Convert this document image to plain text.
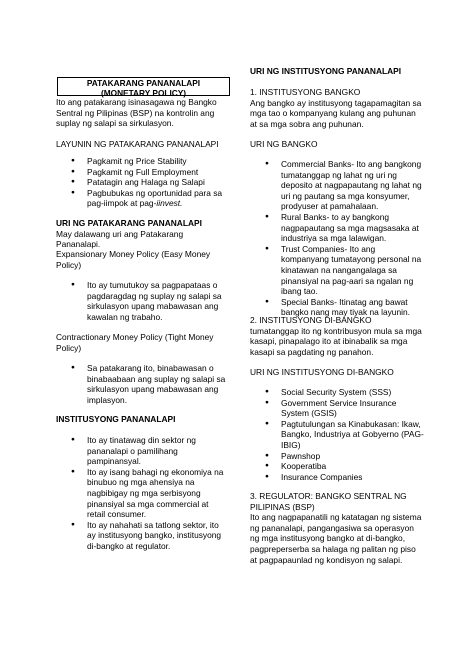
PATAKARANG PANANALAPI
(MONETARY POLICY)

Ito ang patakarang isinasagawa ng Bangko Sentral ng Pilipinas (BSP) na kontrolin ang suplay ng salapi sa sirkulasyon.

LAYUNIN NG PATAKARANG PANANALAPI

● Pagkamit ng Price Stability
● Pagkamit ng Full Employment
● Patatagin ang Halaga ng Salapi
● Pagbubukas ng oportunidad para sa pag-iimpok at pag-iinvest.

URI NG PATAKARANG PANANALAPI

May dalawang uri ang Patakarang Pananalapi.

Expansionary Money Policy (Easy Money Policy)

● Ito ay tumutukoy sa pagpapataas o pagdaragdag ng suplay ng salapi sa sirkulasyon upang mabawasan ang kawalan ng trabaho.

Contractionary Money Policy (Tight Money Policy)

● Sa patakarang ito, binabawasan o binabaabaan ang suplay ng salapi sa sirkulasyon upang mabawasan ang implasyon.

INSTITUSYONG PANANALAPI

● Ito ay tinatawag din sektor ng pananalapi o pamilihang pampinansyal.
● Ito ay isang bahagi ng ekonomiya na binubuo ng mga ahensiya na nagbibigay ng mga serbisyong pinansiyal sa mga commercial at retail consumer.
● Ito ay nahahati sa tatlong sektor, ito ay institusyong bangko, institusyong di-bangko at regulator.

URI NG INSTITUSYONG PANANALAPI

1. INSTITUSYONG BANGKO

Ang bangko ay institusyong tagapamagitan sa mga tao o kompanyang kulang ang puhunan at sa mga sobra ang puhunan.

URI NG BANGKO

● Commercial Banks- Ito ang bangkong tumatanggap ng lahat ng uri ng deposito at nagpapautang ng lahat ng uri ng pautang sa mga konsyumer, prodyuser at pamahalaan.
● Rural Banks- to ay bangkong nagpapautang sa mga magsasaka at industriya sa mga lalawigan.
● Trust Companies- Ito ang kompanyang tumatayong personal na kinatawan na nangangalaga sa pinansiyal na pag-aari sa ngalan ng ibang tao.
● Special Banks- Itinatag ang bawat bangko nang may tiyak na layunin.

2. INSTITUSYONG DI-BANGKO

tumatanggap ito ng kontribusyon mula sa mga kasapi, pinapalago ito at ibinabalik sa mga kasapi sa pagdating ng panahon.

URI NG INSTITUSYONG DI-BANGKO

● Social Security System (SSS)
● Government Service Insurance System (GSIS)
● Pagtutulungan sa Kinabukasan: Ikaw, Bangko, Industriya at Gobyerno (PAG-IBIG)
● Pawnshop
● Kooperatiba
● Insurance Companies

3. REGULATOR: BANGKO SENTRAL NG PILIPINAS (BSP)

Ito ang nagpapanatili ng katatagan ng sistema ng pananalapi, pangangasiwa sa operasyon ng mga institusyong bangko at di-bangko, pagpreperserba sa halaga ng palitan ng piso at pagpapaunlad ng kondisyon ng salapi.
